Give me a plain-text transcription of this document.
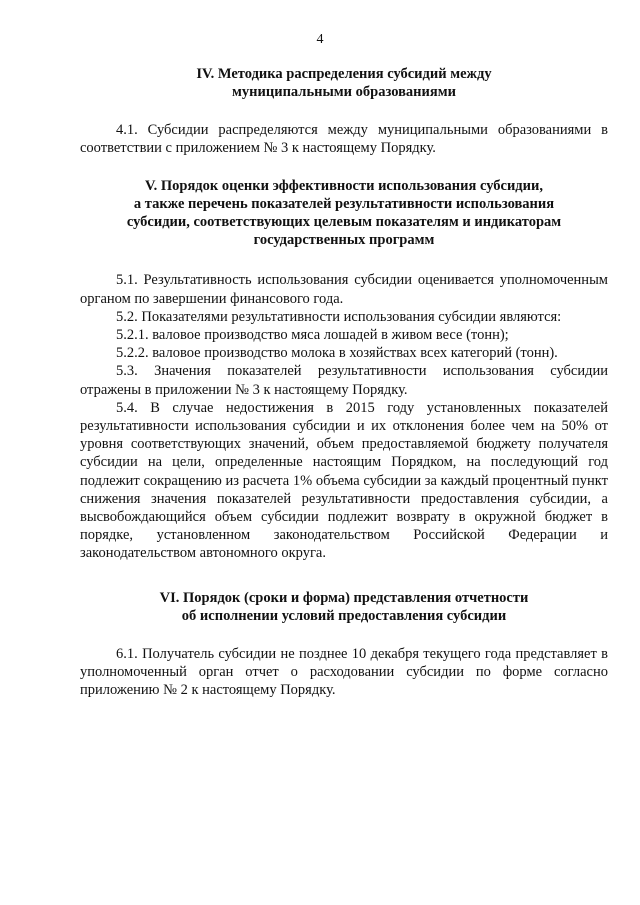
4
IV. Методика распределения субсидий между
муниципальными образованиями

4.1. Субсидии распределяются между муниципальными образованиями в соответствии с приложением № 3 к настоящему Порядку.

V. Порядок оценки эффективности использования субсидии,
а также перечень показателей результативности использования
субсидии, соответствующих целевым показателям и индикаторам
государственных программ

5.1. Результативность использования субсидии оценивается уполномоченным органом по завершении финансового года.

5.2. Показателями результативности использования субсидии являются:

5.2.1. валовое производство мяса лошадей в живом весе (тонн);

5.2.2. валовое производство молока в хозяйствах всех категорий (тонн).

5.3. Значения показателей результативности использования субсидии отражены в приложении № 3 к настоящему Порядку.

5.4. В случае недостижения в 2015 году установленных показателей результативности использования субсидии и их отклонения более чем на 50% от уровня соответствующих значений, объем предоставляемой бюджету получателя субсидии на цели, определенные настоящим Порядком, на последующий год подлежит сокращению из расчета 1% объема субсидии за каждый процентный пункт снижения значения показателей результативности предоставления субсидии, а высвобождающийся объем субсидии подлежит возврату в окружной бюджет в порядке, установленном законодательством Российской Федерации и законодательством автономного округа.

VI. Порядок (сроки и форма) представления отчетности
об исполнении условий предоставления субсидии

6.1. Получатель субсидии не позднее 10 декабря текущего года представляет в уполномоченный орган отчет о расходовании субсидии по форме согласно приложению № 2 к настоящему Порядку.
